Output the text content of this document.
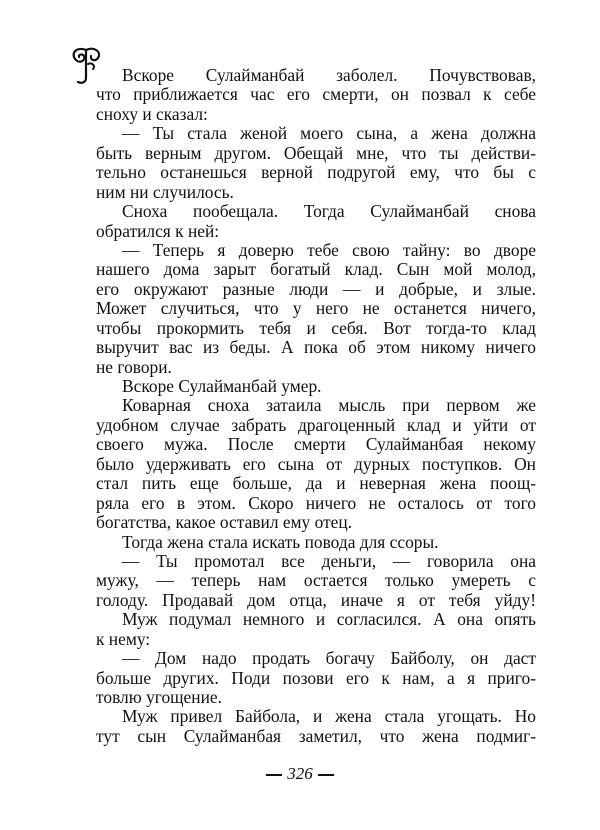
Вскоре Сулайманбай заболел. Почувствовав,
что приближается час его смерти, он позвал к себе
сноху и сказал:
— Ты стала женой моего сына, а жена должна
быть верным другом. Обещай мне, что ты действи-
тельно останешься верной подругой ему, что бы с
ним ни случилось.
Сноха пообещала. Тогда Сулайманбай снова
обратился к ней:
— Теперь я доверю тебе свою тайну: во дворе
нашего дома зарыт богатый клад. Сын мой молод,
его окружают разные люди — и добрые, и злые.
Может случиться, что у него не останется ничего,
чтобы прокормить тебя и себя. Вот тогда-то клад
выручит вас из беды. А пока об этом никому ничего
не говори.
Вскоре Сулайманбай умер.
Коварная сноха затаила мысль при первом же
удобном случае забрать драгоценный клад и уйти от
своего мужа. После смерти Сулайманбая некому
было удерживать его сына от дурных поступков. Он
стал пить еще больше, да и неверная жена поощ-
ряла его в этом. Скоро ничего не осталось от того
богатства, какое оставил ему отец.
Тогда жена стала искать повода для ссоры.
— Ты промотал все деньги, — говорила она
мужу, — теперь нам остается только умереть с
голоду. Продавай дом отца, иначе я от тебя уйду!
Муж подумал немного и согласился. А она опять
к нему:
— Дом надо продать богачу Байболу, он даст
больше других. Поди позови его к нам, а я приго-
товлю угощение.
Муж привел Байбола, и жена стала угощать. Но
тут сын Сулайманбая заметил, что жена подмиг-
326
